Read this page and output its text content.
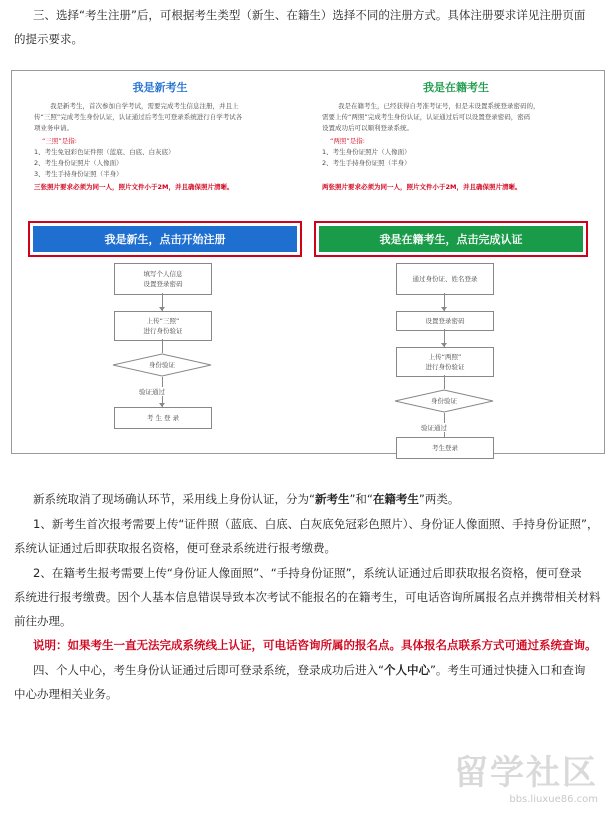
三、选择“考生注册”后，可根据考生类型（新生、在籍生）选择不同的注册方式。具体注册要求详见注册页面
的提示要求。
我是新考生
我是新考生，首次参加自学考试，需要完成考生信息注册，并且上
传“三照”完成考生身份认证，认证通过后考生可登录系统进行自学考试各
项业务申请。
“三照”是指:
1、考生免冠彩色证件照（蓝底、白底、白灰底）
2、考生身份证照片（人像面）
3、考生手持身份证照（半身）
三张照片要求必须为同一人，照片文件小于2M，并且确保照片清晰。
我是新生，点击开始注册
填写个人信息
设置登录密码
上传“三照”
进行身份验证
身份验证
验证通过
考 生 登 录
我是在籍考生
我是在籍考生，已经获得自考准考证号，但是未设置系统登录密码的，
需要上传“两照”完成考生身份认证，认证通过后可以设置登录密码，密码
设置成功后可以顺利登录系统。
“两照”是指:
1、考生身份证照片（人像面）
2、考生手持身份证照（半身）
两张照片要求必须为同一人，照片文件小于2M，并且确保照片清晰。
我是在籍考生，点击完成认证
通过身份证、姓名登录
设置登录密码
上传“两照”
进行身份验证
身份验证
验证通过
考生登录
新系统取消了现场确认环节，采用线上身份认证，分为“新考生”和“在籍考生”两类。
1、新考生首次报考需要上传“证件照（蓝底、白底、白灰底免冠彩色照片）、身份证人像面照、手持身份证照”，
系统认证通过后即获取报名资格，便可登录系统进行报考缴费。
2、在籍考生报考需要上传“身份证人像面照”、“手持身份证照”，系统认证通过后即获取报名资格，便可登录
系统进行报考缴费。因个人基本信息错误导致本次考试不能报名的在籍考生，可电话咨询所属报名点并携带相关材料
前往办理。
说明：如果考生一直无法完成系统线上认证，可电话咨询所属的报名点。具体报名点联系方式可通过系统查询。
四、个人中心，考生身份认证通过后即可登录系统，登录成功后进入“个人中心”。考生可通过快捷入口和查询
中心办理相关业务。
留学社区
bbs.liuxue86.com
